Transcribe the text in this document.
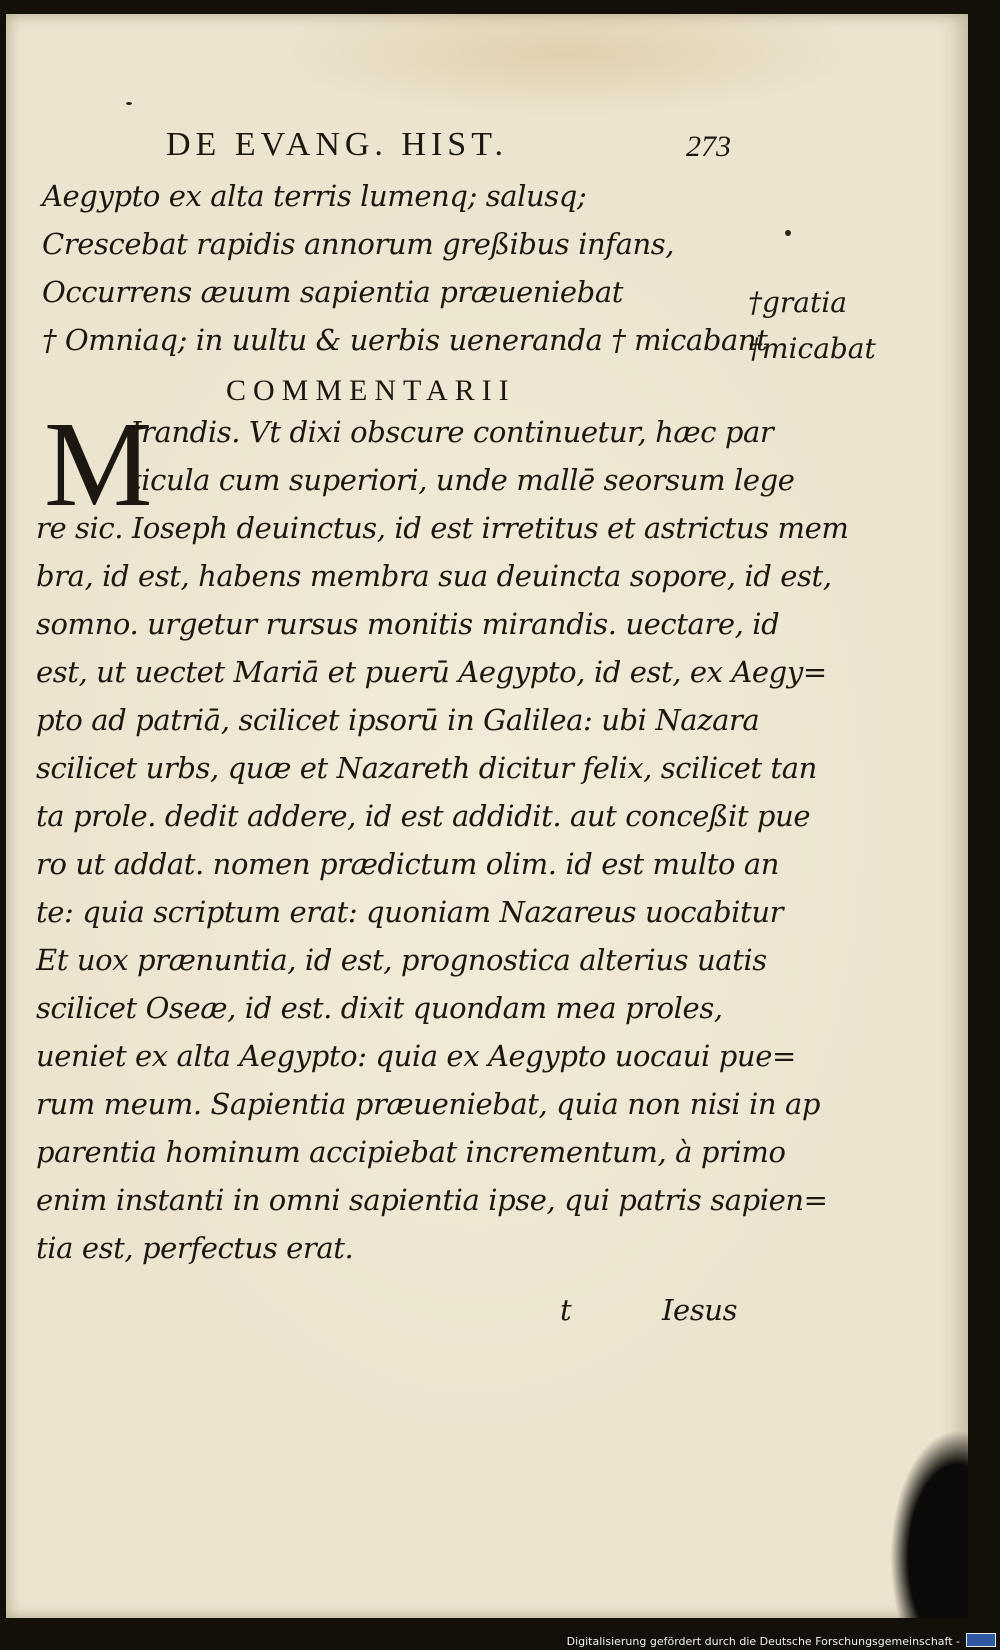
DE EVANG. HIST.	273

Aegypto ex alta terris lumenq; salusq;

Crescebat rapidis annorum greßibus infans,

Occurrens æuum sapientia præueniebat

† Omniaq; in uultu & uerbis ueneranda † micabant

†gratia

†micabat

COMMENTARII

M

Irandis. Vt dixi obscure continuetur, hæc par

ticula cum superiori, unde mallē seorsum lege

re sic. Ioseph deuinctus, id est irretitus et astrictus mem

bra, id est, habens membra sua deuincta sopore, id est,

somno. urgetur rursus monitis mirandis. uectare, id

est, ut uectet Mariā et puerū Aegypto, id est, ex Aegy=

pto ad patriā, scilicet ipsorū in Galilea: ubi Nazara

scilicet urbs, quæ et Nazareth dicitur felix, scilicet tan

ta prole. dedit addere, id est addidit. aut conceßit pue

ro ut addat. nomen prædictum olim. id est multo an

te: quia scriptum erat: quoniam Nazareus uocabitur

Et uox prænuntia, id est, prognostica alterius uatis

scilicet Oseæ, id est. dixit quondam mea proles,

ueniet ex alta Aegypto: quia ex Aegypto uocaui pue=

rum meum. Sapientia præueniebat, quia non nisi in ap

parentia hominum accipiebat incrementum, à primo

enim instanti in omni sapientia ipse, qui patris sapien=

tia est, perfectus erat.

t	Iesus

Digitalisierung gefördert durch die Deutsche Forschungsgemeinschaft -
